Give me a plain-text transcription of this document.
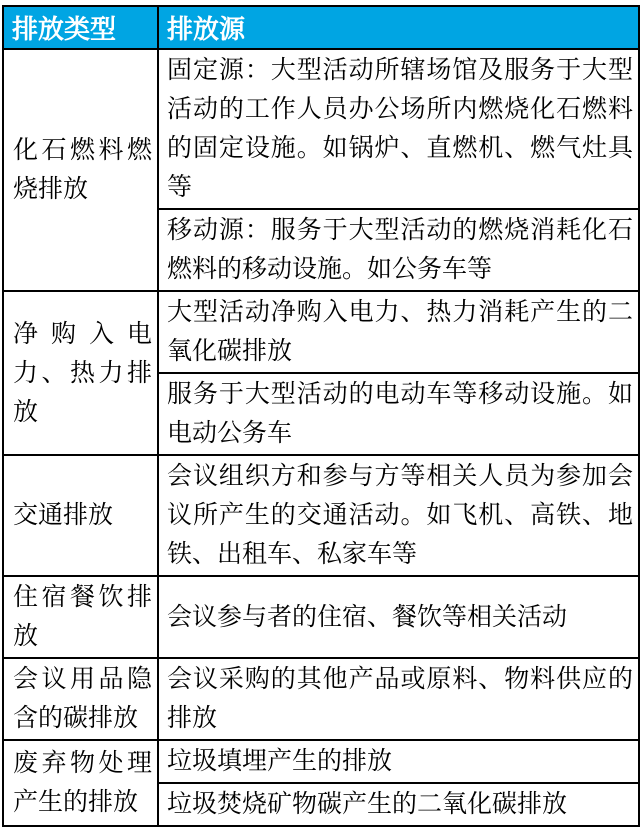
排放类型	排放源
化石燃料燃烧排放	固定源：大型活动所辖场馆及服务于大型活动的工作人员办公场所内燃烧化石燃料的固定设施。如锅炉、直燃机、燃气灶具等
	移动源：服务于大型活动的燃烧消耗化石燃料的移动设施。如公务车等
净购入电力、热力排放	大型活动净购入电力、热力消耗产生的二氧化碳排放
	服务于大型活动的电动车等移动设施。如电动公务车
交通排放	会议组织方和参与方等相关人员为参加会议所产生的交通活动。如飞机、高铁、地铁、出租车、私家车等
住宿餐饮排放	会议参与者的住宿、餐饮等相关活动
会议用品隐含的碳排放	会议采购的其他产品或原料、物料供应的排放
废弃物处理产生的排放	垃圾填埋产生的排放
	垃圾焚烧矿物碳产生的二氧化碳排放
